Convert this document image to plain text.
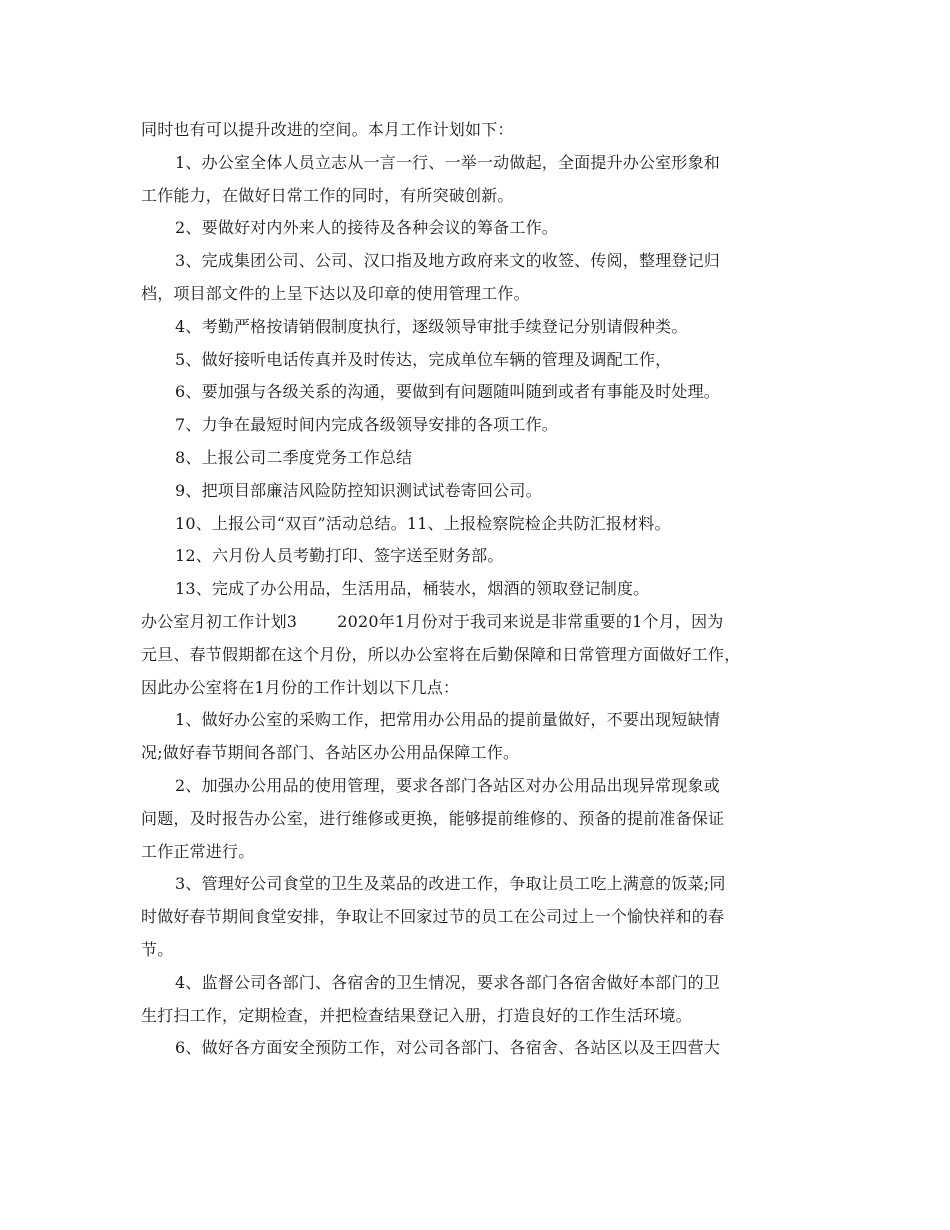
同时也有可以提升改进的空间。本月工作计划如下：
1、办公室全体人员立志从一言一行、一举一动做起，全面提升办公室形象和
工作能力，在做好日常工作的同时，有所突破创新。
2、要做好对内外来人的接待及各种会议的筹备工作。
3、完成集团公司、公司、汉口指及地方政府来文的收签、传阅，整理登记归
档，项目部文件的上呈下达以及印章的使用管理工作。
4、考勤严格按请销假制度执行，逐级领导审批手续登记分别请假种类。
5、做好接听电话传真并及时传达，完成单位车辆的管理及调配工作，
6、要加强与各级关系的沟通，要做到有问题随叫随到或者有事能及时处理。
7、力争在最短时间内完成各级领导安排的各项工作。
8、上报公司二季度党务工作总结
9、把项目部廉洁风险防控知识测试试卷寄回公司。
10、上报公司“双百”活动总结。11、上报检察院检企共防汇报材料。
12、六月份人员考勤打印、签字送至财务部。
13、完成了办公用品，生活用品，桶装水，烟酒的领取登记制度。
办公室月初工作计划3	2020年1月份对于我司来说是非常重要的1个月，因为
元旦、春节假期都在这个月份，所以办公室将在后勤保障和日常管理方面做好工作，
因此办公室将在1月份的工作计划以下几点：
1、做好办公室的采购工作，把常用办公用品的提前量做好，不要出现短缺情
况;做好春节期间各部门、各站区办公用品保障工作。
2、加强办公用品的使用管理，要求各部门各站区对办公用品出现异常现象或
问题，及时报告办公室，进行维修或更换，能够提前维修的、预备的提前准备保证
工作正常进行。
3、管理好公司食堂的卫生及菜品的改进工作，争取让员工吃上满意的饭菜;同
时做好春节期间食堂安排，争取让不回家过节的员工在公司过上一个愉快祥和的春
节。
4、监督公司各部门、各宿舍的卫生情况，要求各部门各宿舍做好本部门的卫
生打扫工作，定期检查，并把检查结果登记入册，打造良好的工作生活环境。
6、做好各方面安全预防工作，对公司各部门、各宿舍、各站区以及王四营大
